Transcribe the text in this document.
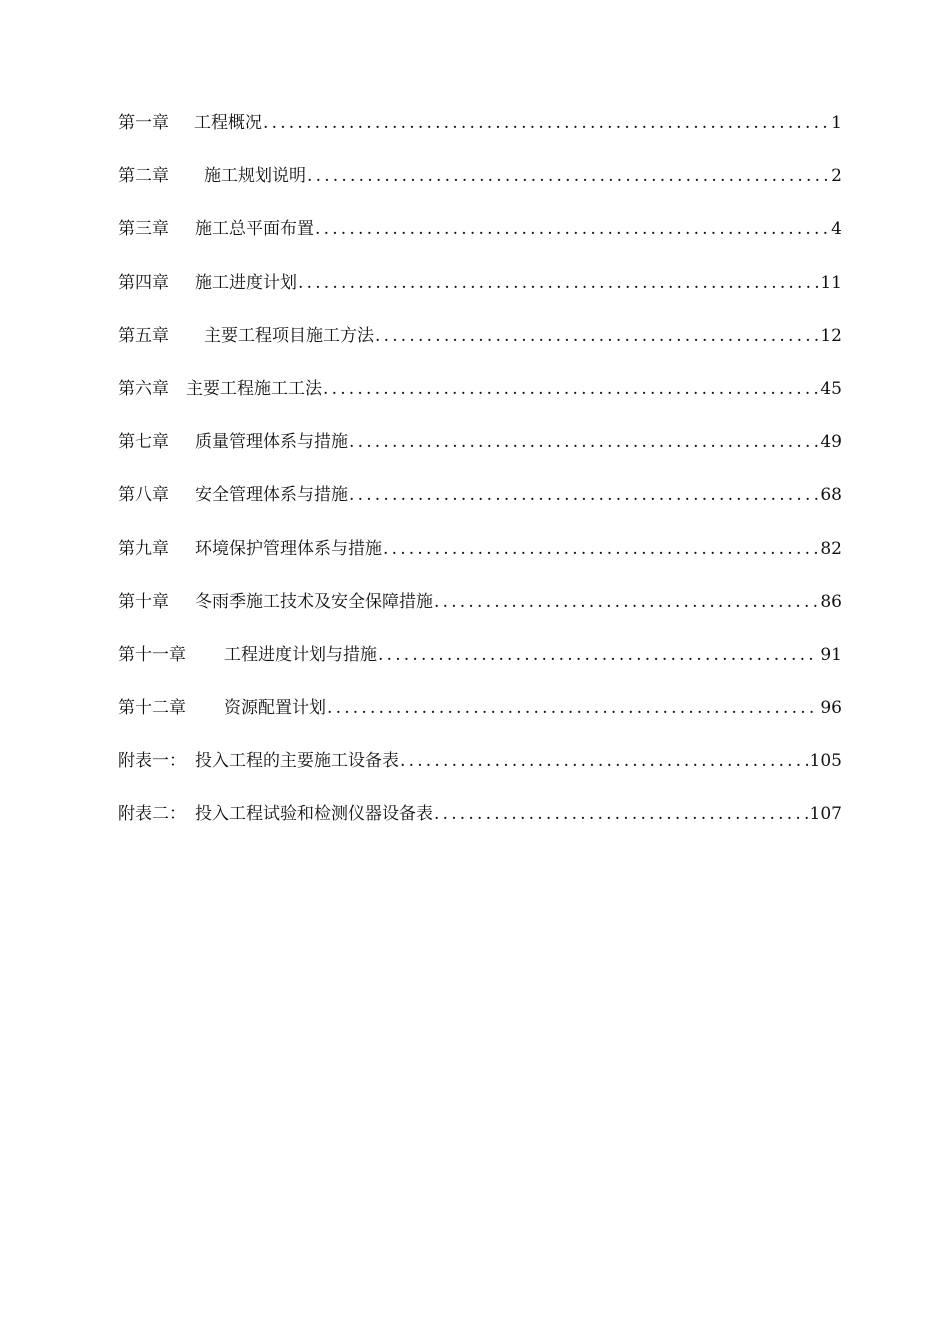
第一章	工程概况 .....	1
第二章	施工规划说明 .....	2
第三章	施工总平面布置 .....	4
第四章	施工进度计划 .....	11
第五章	主要工程项目施工方法 .....	12
第六章	主要工程施工工法 .....	45
第七章	质量管理体系与措施 .....	49
第八章	安全管理体系与措施 .....	68
第九章	环境保护管理体系与措施 .....	82
第十章	冬雨季施工技术及安全保障措施 .....	86
第十一章	工程进度计划与措施 .....	91
第十二章	资源配置计划 .....	96
附表一： 投入工程的主要施工设备表 .....	105
附表二： 投入工程试验和检测仪器设备表 .....	107
